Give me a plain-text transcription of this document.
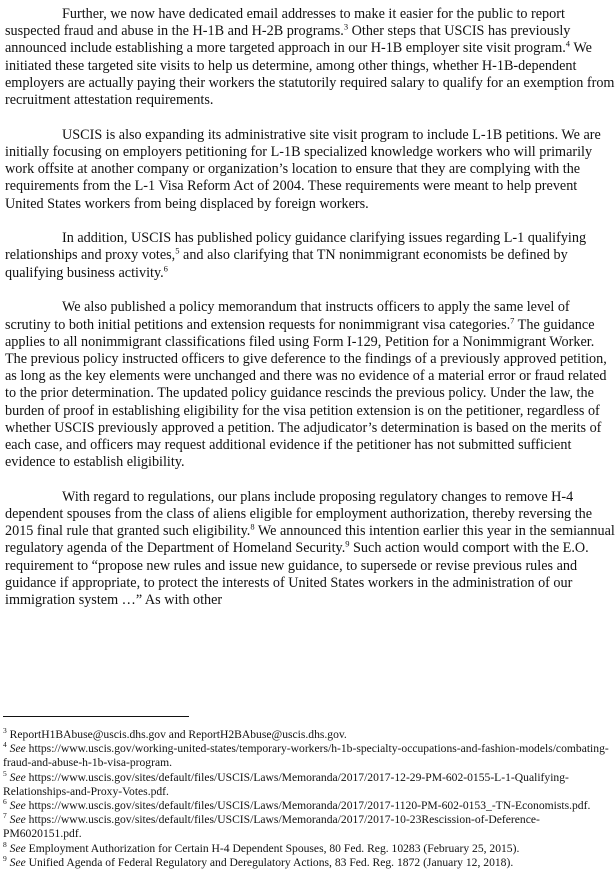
Further, we now have dedicated email addresses to make it easier for the public to report suspected fraud and abuse in the H-1B and H-2B programs.$^3$ Other steps that USCIS has previously announced include establishing a more targeted approach in our H-1B employer site visit program.$^4$ We initiated these targeted site visits to help us determine, among other things, whether H-1B-dependent employers are actually paying their workers the statutorily required salary to qualify for an exemption from recruitment attestation requirements.

USCIS is also expanding its administrative site visit program to include L-1B petitions. We are initially focusing on employers petitioning for L-1B specialized knowledge workers who will primarily work offsite at another company or organization’s location to ensure that they are complying with the requirements from the L-1 Visa Reform Act of 2004. These requirements were meant to help prevent United States workers from being displaced by foreign workers.

In addition, USCIS has published policy guidance clarifying issues regarding L-1 qualifying relationships and proxy votes,$^5$ and also clarifying that TN nonimmigrant economists be defined by qualifying business activity.$^6$

We also published a policy memorandum that instructs officers to apply the same level of scrutiny to both initial petitions and extension requests for nonimmigrant visa categories.$^7$ The guidance applies to all nonimmigrant classifications filed using Form I-129, Petition for a Nonimmigrant Worker. The previous policy instructed officers to give deference to the findings of a previously approved petition, as long as the key elements were unchanged and there was no evidence of a material error or fraud related to the prior determination. The updated policy guidance rescinds the previous policy. Under the law, the burden of proof in establishing eligibility for the visa petition extension is on the petitioner, regardless of whether USCIS previously approved a petition. The adjudicator’s determination is based on the merits of each case, and officers may request additional evidence if the petitioner has not submitted sufficient evidence to establish eligibility.

With regard to regulations, our plans include proposing regulatory changes to remove H-4 dependent spouses from the class of aliens eligible for employment authorization, thereby reversing the 2015 final rule that granted such eligibility.$^8$ We announced this intention earlier this year in the semiannual regulatory agenda of the Department of Homeland Security.$^9$ Such action would comport with the E.O. requirement to “propose new rules and issue new guidance, to supersede or revise previous rules and guidance if appropriate, to protect the interests of United States workers in the administration of our immigration system …” As with other

$^3$ ReportH1BAbuse@uscis.dhs.gov and ReportH2BAbuse@uscis.dhs.gov.

$^4$ See https://www.uscis.gov/working-united-states/temporary-workers/h-1b-specialty-occupations-and-fashion-models/combating-fraud-and-abuse-h-1b-visa-program.

$^5$ See https://www.uscis.gov/sites/default/files/USCIS/Laws/Memoranda/2017/2017-12-29-PM-602-0155-L-1-Qualifying-Relationships-and-Proxy-Votes.pdf.

$^6$ See https://www.uscis.gov/sites/default/files/USCIS/Laws/Memoranda/2017/2017-1120-PM-602-0153_-TN-Economists.pdf.

$^7$ See https://www.uscis.gov/sites/default/files/USCIS/Laws/Memoranda/2017/2017-10-23Rescission-of-Deference-PM6020151.pdf.

$^8$ See Employment Authorization for Certain H-4 Dependent Spouses, 80 Fed. Reg. 10283 (February 25, 2015).

$^9$ See Unified Agenda of Federal Regulatory and Deregulatory Actions, 83 Fed. Reg. 1872 (January 12, 2018).
